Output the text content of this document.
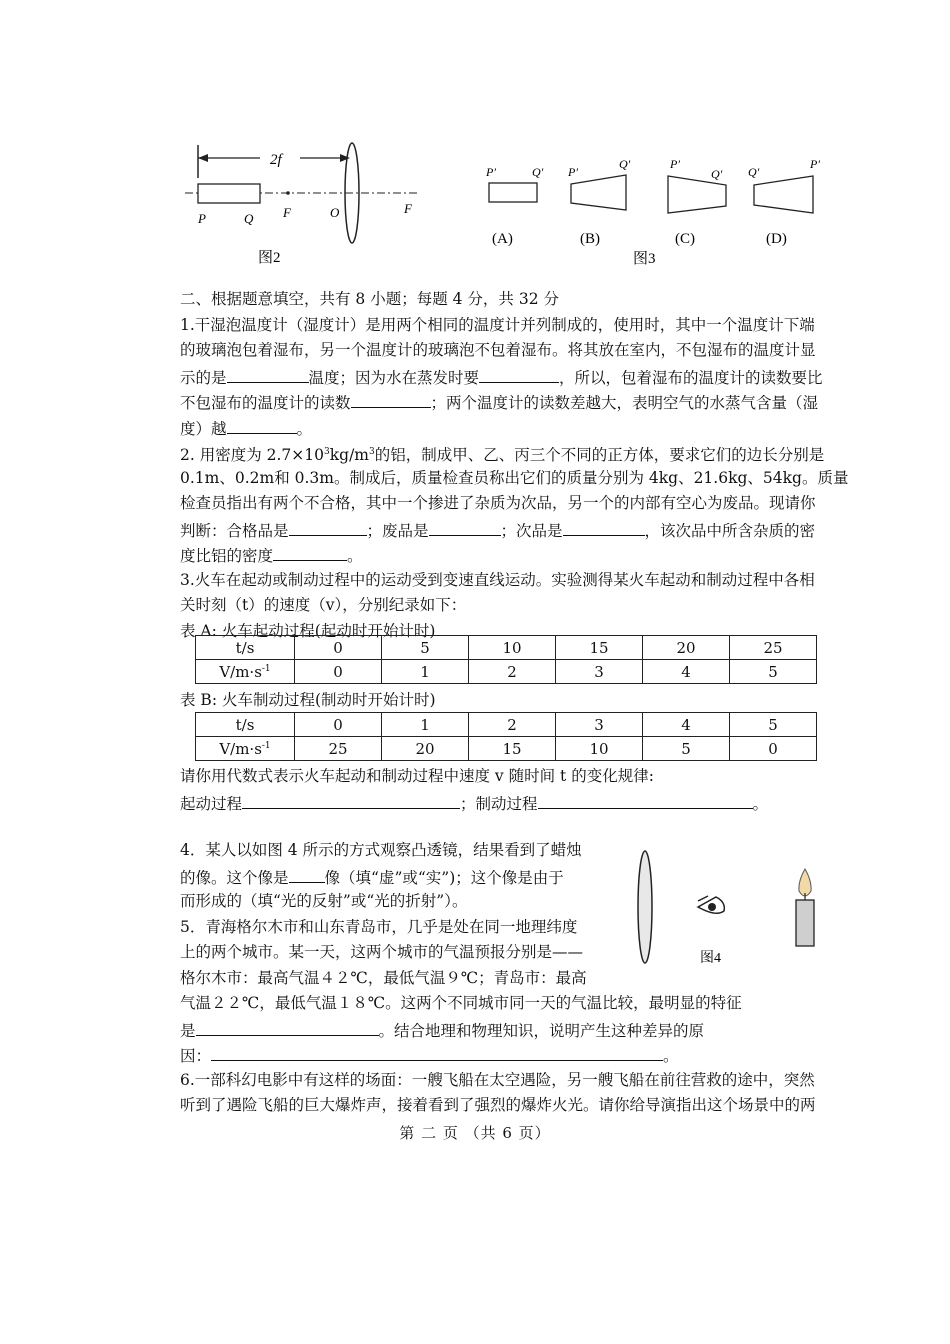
2f
P	Q F	O	F
图2
P′	Q′
(A)
P′
Q′
(B)
P′
Q′
(C)
Q′
P′
(D)
图3
二、根据题意填空，共有 8 小题；每题 4 分，共 32 分
1.干湿泡温度计（湿度计）是用两个相同的温度计并列制成的，使用时，其中一个温度计下端
的玻璃泡包着湿布，另一个温度计的玻璃泡不包着湿布。将其放在室内，不包湿布的温度计显
示的是	温度；因为水在蒸发时要	，所以，包着湿布的温度计的读数要比
不包湿布的温度计的读数	；两个温度计的读数差越大，表明空气的水蒸气含量（湿
度）越	。
2. 用密度为 $2.7\times 10^3kg/m^3$的铝，制成甲、乙、丙三个不同的正方体，要求它们的边长分别是
0.1m、0.2m和 0.3m。制成后，质量检查员称出它们的质量分别为 4kg、21.6kg、54kg。质量
检查员指出有两个不合格，其中一个掺进了杂质为次品，另一个的内部有空心为废品。现请你
判断：合格品是	；废品是	；次品是	，该次品中所含杂质的密
度比铝的密度	。
3.火车在起动或制动过程中的运动受到变速直线运动。实验测得某火车起动和制动过程中各相
关时刻（t）的速度（v），分别纪录如下：
表 A: 火车起动过程(起动时开始计时)
t/s	0	5	10	15	20	25
$V/m\cdot s^{-1}$	0	1	2	3	4	5
表 B: 火车制动过程(制动时开始计时)
t/s	0	1	2	3	4	5
$V/m\cdot s^{-1}$	25	20	15	10	5	0
请你用代数式表示火车起动和制动过程中速度 v 随时间 t 的变化规律:
起动过程	；制动过程	。
4．某人以如图 4 所示的方式观察凸透镜，结果看到了蜡烛
的像。这个像是 像（填“虚”或“实”)；这个像是由于
而形成的（填“光的反射”或“光的折射”）。
5．青海格尔木市和山东青岛市，几乎是处在同一地理纬度
上的两个城市。某一天，这两个城市的气温预报分别是——
格尔木市：最高气温４２℃，最低气温９℃；青岛市：最高
气温２２℃，最低气温１８℃。这两个不同城市同一天的气温比较，最明显的特征
是	。结合地理和物理知识，说明产生这种差异的原
因：	。
6.一部科幻电影中有这样的场面：一艘飞船在太空遇险，另一艘飞船在前往营救的途中，突然
听到了遇险飞船的巨大爆炸声，接着看到了强烈的爆炸火光。请你给导演指出这个场景中的两
图4
第 二 页 （共 6 页）
